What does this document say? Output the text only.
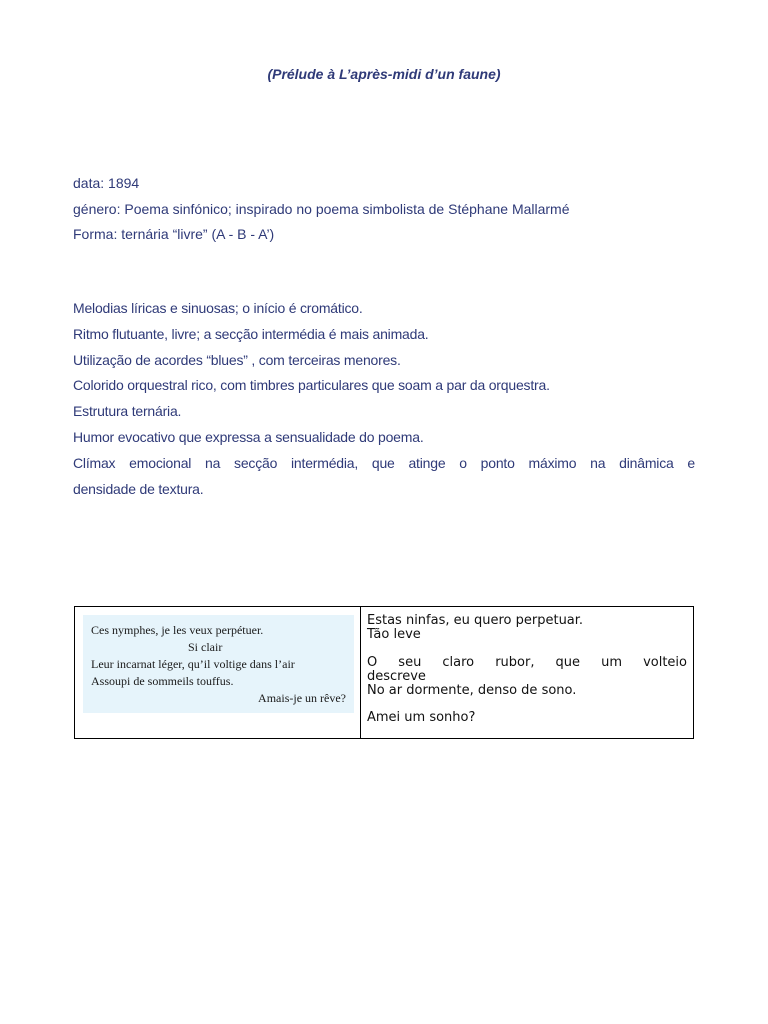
(Prélude à L’après-midi d’un faune)
data: 1894
género: Poema sinfónico; inspirado no poema simbolista de Stéphane Mallarmé
Forma: ternária “livre” (A - B - A’)
Melodias líricas e sinuosas; o início é cromático.
Ritmo flutuante, livre; a secção intermédia é mais animada.
Utilização de acordes “blues” , com terceiras menores.
Colorido orquestral rico, com timbres particulares que soam a par da orquestra.
Estrutura ternária.
Humor evocativo que expressa a sensualidade do poema.
Clímax emocional na secção intermédia, que atinge o ponto máximo na dinâmica e
densidade de textura.
Ces nymphes, je les veux perpétuer.
Si clair
Leur incarnat léger, qu’il voltige dans l’air
Assoupi de sommeils touffus.
Amais-je un rêve?
Estas ninfas, eu quero perpetuar.
Tão leve
O seu claro rubor, que um volteio
descreve
No ar dormente, denso de sono.
Amei um sonho?
